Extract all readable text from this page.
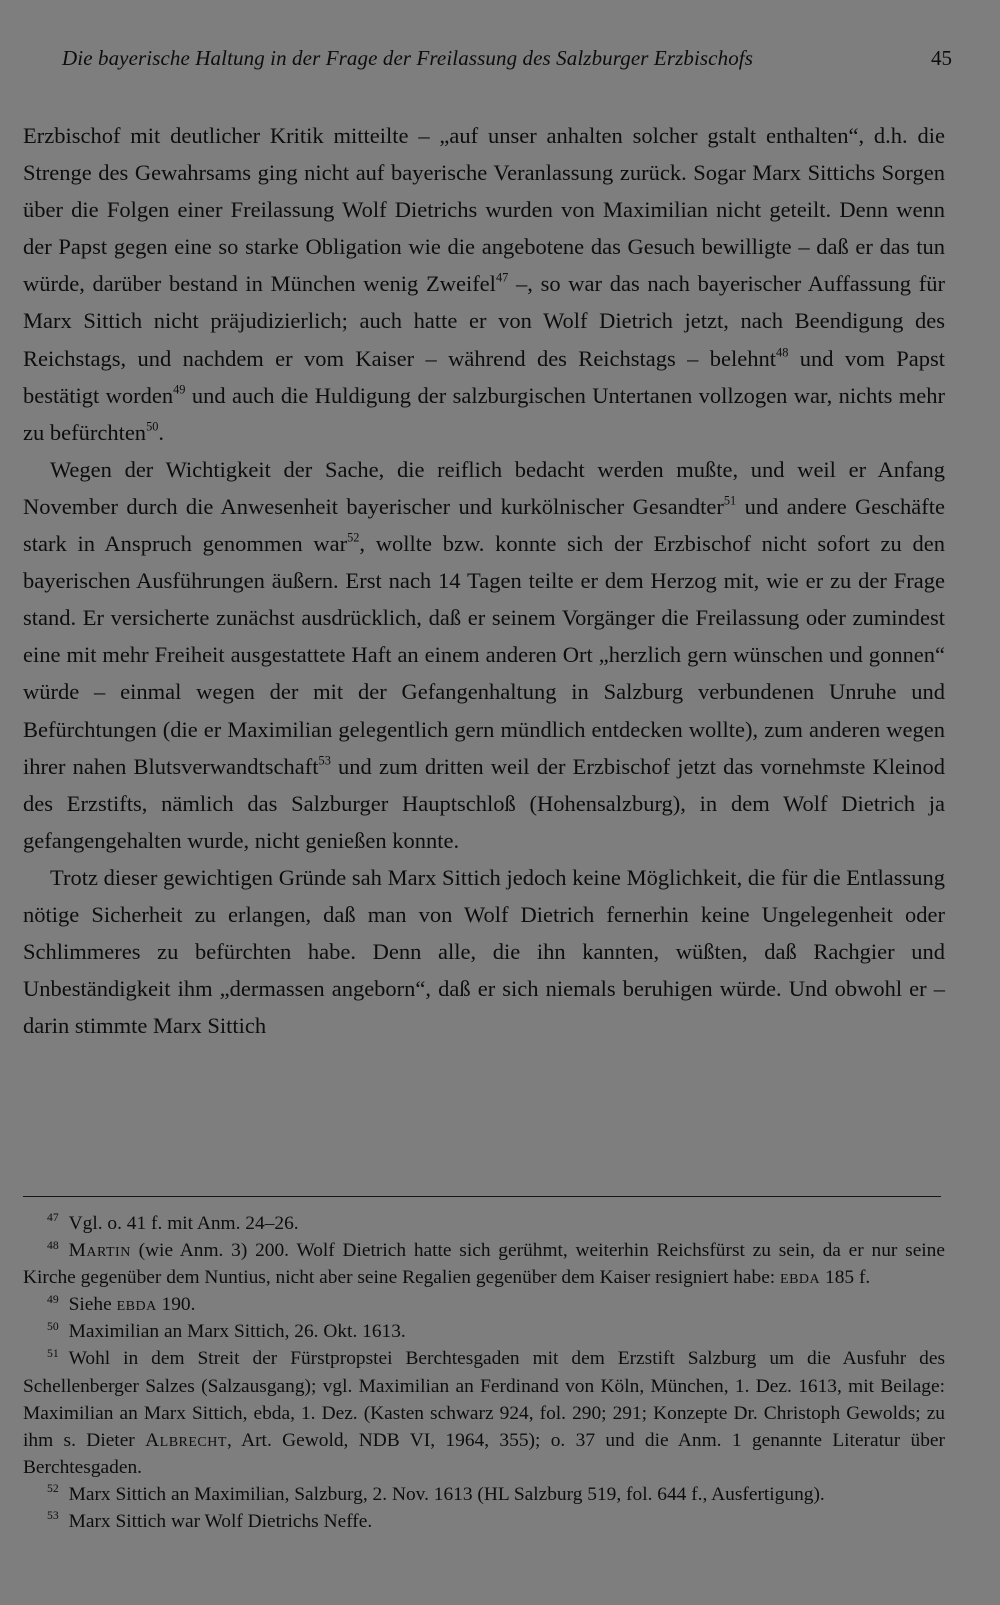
Die bayerische Haltung in der Frage der Freilassung des Salzburger Erzbischofs	45

Erzbischof mit deutlicher Kritik mitteilte – „auf unser anhalten solcher gstalt enthalten“, d.h. die Strenge des Gewahrsams ging nicht auf bayerische Veranlassung zurück. Sogar Marx Sittichs Sorgen über die Folgen einer Freilassung Wolf Dietrichs wurden von Maximilian nicht geteilt. Denn wenn der Papst gegen eine so starke Obligation wie die angebotene das Gesuch bewilligte – daß er das tun würde, darüber bestand in München wenig Zweifel$^{47}$ –, so war das nach bayerischer Auffassung für Marx Sittich nicht präjudizierlich; auch hatte er von Wolf Dietrich jetzt, nach Beendigung des Reichstags, und nachdem er vom Kaiser – während des Reichstags – belehnt$^{48}$ und vom Papst bestätigt worden$^{49}$ und auch die Huldigung der salzburgischen Untertanen vollzogen war, nichts mehr zu befürchten$^{50}$.

Wegen der Wichtigkeit der Sache, die reiflich bedacht werden mußte, und weil er Anfang November durch die Anwesenheit bayerischer und kurkölnischer Gesandter$^{51}$ und andere Geschäfte stark in Anspruch genommen war$^{52}$, wollte bzw. konnte sich der Erzbischof nicht sofort zu den bayerischen Ausführungen äußern. Erst nach 14 Tagen teilte er dem Herzog mit, wie er zu der Frage stand. Er versicherte zunächst ausdrücklich, daß er seinem Vorgänger die Freilassung oder zumindest eine mit mehr Freiheit ausgestattete Haft an einem anderen Ort „herzlich gern wünschen und gonnen“ würde – einmal wegen der mit der Gefangenhaltung in Salzburg verbundenen Unruhe und Befürchtungen (die er Maximilian gelegentlich gern mündlich entdecken wollte), zum anderen wegen ihrer nahen Blutsverwandtschaft$^{53}$ und zum dritten weil der Erzbischof jetzt das vornehmste Kleinod des Erzstifts, nämlich das Salzburger Hauptschloß (Hohensalzburg), in dem Wolf Dietrich ja gefangengehalten wurde, nicht genießen konnte.

Trotz dieser gewichtigen Gründe sah Marx Sittich jedoch keine Möglichkeit, die für die Entlassung nötige Sicherheit zu erlangen, daß man von Wolf Dietrich fernerhin keine Ungelegenheit oder Schlimmeres zu befürchten habe. Denn alle, die ihn kannten, wüßten, daß Rachgier und Unbeständigkeit ihm „dermassen angeborn“, daß er sich niemals beruhigen würde. Und obwohl er – darin stimmte Marx Sittich

$^{47}$ Vgl. o. 41 f. mit Anm. 24–26.

$^{48}$ Martin (wie Anm. 3) 200. Wolf Dietrich hatte sich gerühmt, weiterhin Reichsfürst zu sein, da er nur seine Kirche gegenüber dem Nuntius, nicht aber seine Regalien gegenüber dem Kaiser resigniert habe: ebda 185 f.

$^{49}$ Siehe ebda 190.

$^{50}$ Maximilian an Marx Sittich, 26. Okt. 1613.

$^{51}$ Wohl in dem Streit der Fürstpropstei Berchtesgaden mit dem Erzstift Salzburg um die Ausfuhr des Schellenberger Salzes (Salzausgang); vgl. Maximilian an Ferdinand von Köln, München, 1. Dez. 1613, mit Beilage: Maximilian an Marx Sittich, ebda, 1. Dez. (Kasten schwarz 924, fol. 290; 291; Konzepte Dr. Christoph Gewolds; zu ihm s. Dieter Albrecht, Art. Gewold, NDB VI, 1964, 355); o. 37 und die Anm. 1 genannte Literatur über Berchtesgaden.

$^{52}$ Marx Sittich an Maximilian, Salzburg, 2. Nov. 1613 (HL Salzburg 519, fol. 644 f., Ausfertigung).

$^{53}$ Marx Sittich war Wolf Dietrichs Neffe.
